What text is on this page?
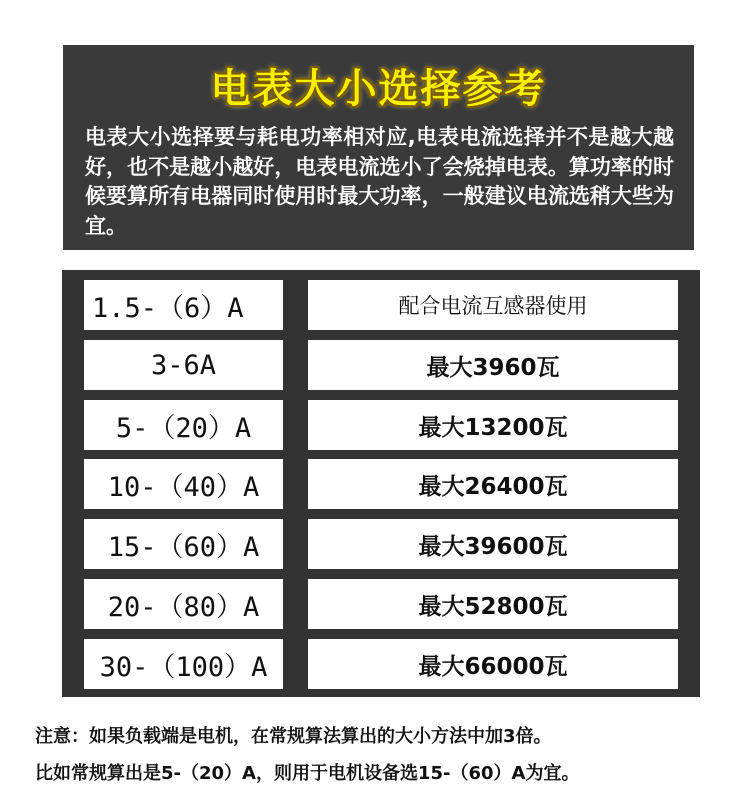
电表大小选择参考
电表大小选择要与耗电功率相对应,电表电流选择并不是越大越好，也不是越小越好，电表电流选小了会烧掉电表。算功率的时候要算所有电器同时使用时最大功率，一般建议电流选稍大些为宜。
1.5-（6）A	配合电流互感器使用
3-6A	最大3960瓦
5-（20）A	最大13200瓦
10-（40）A	最大26400瓦
15-（60）A	最大39600瓦
20-（80）A	最大52800瓦
30-（100）A	最大66000瓦
注意：如果负载端是电机，在常规算法算出的大小方法中加3倍。
比如常规算出是5-（20）A，则用于电机设备选15-（60）A为宜。
